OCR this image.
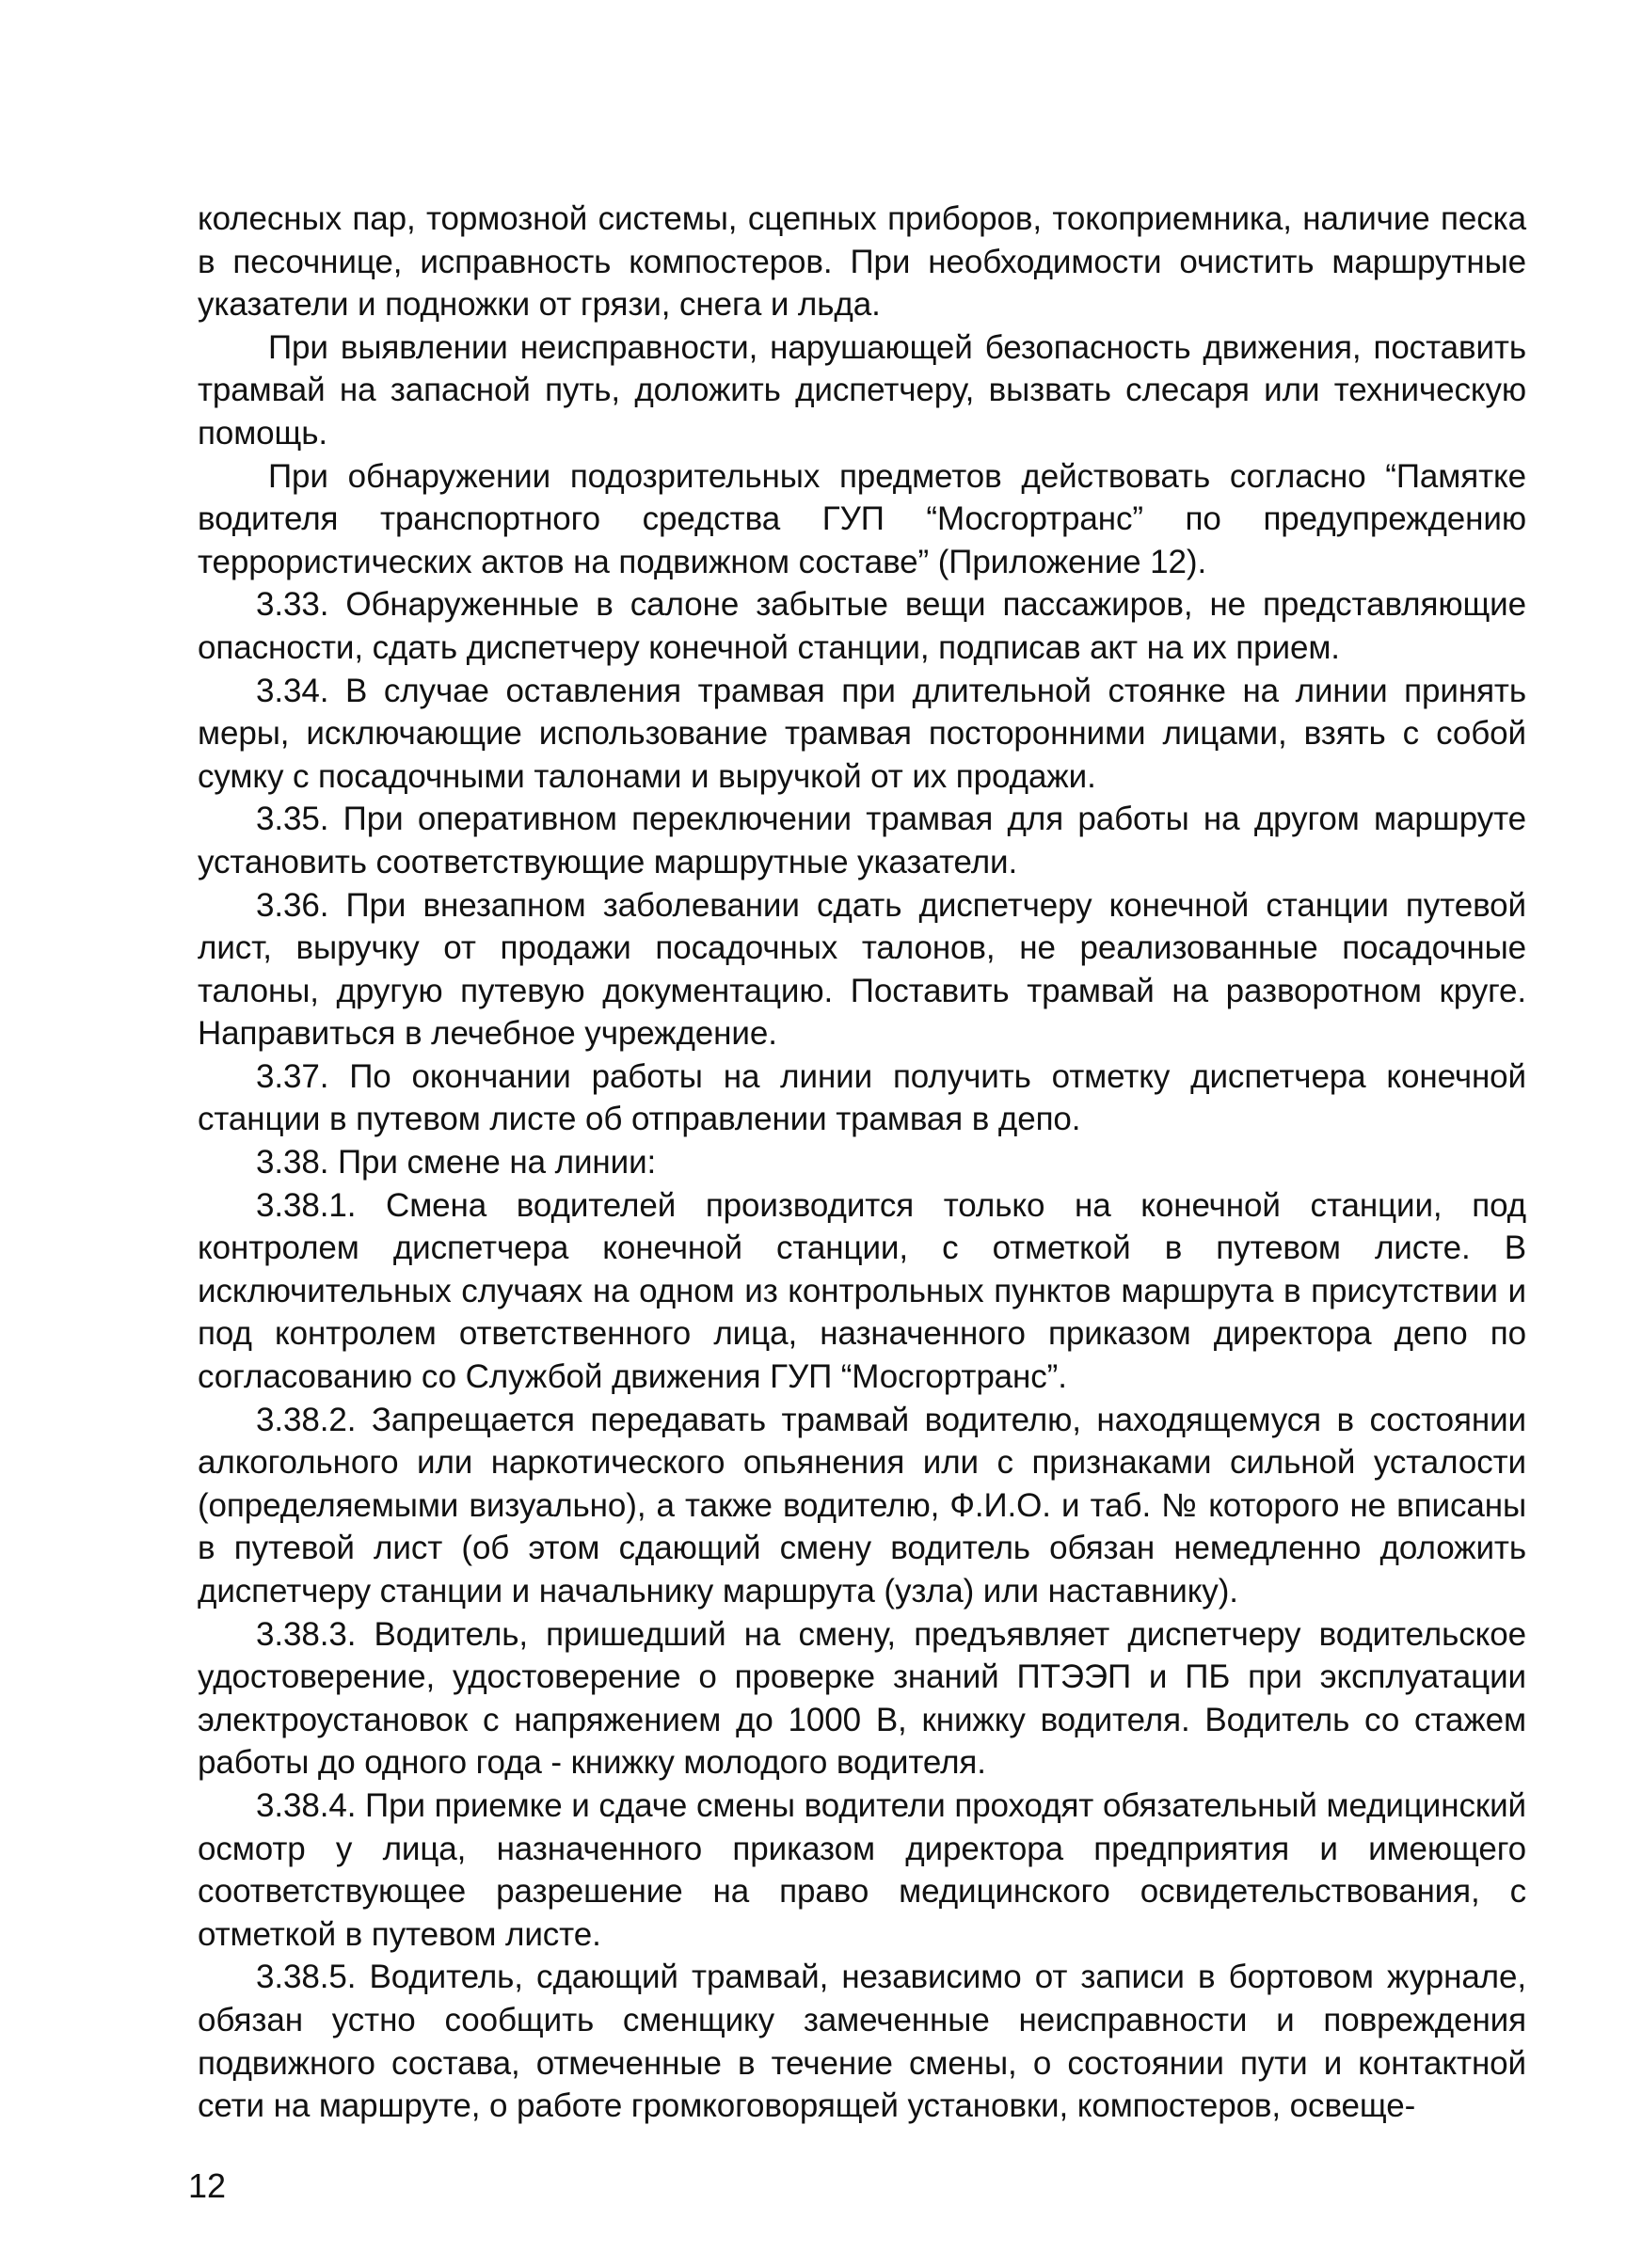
колесных пар, тормозной системы, сцепных приборов, токоприемника, наличие песка в песочнице, исправность компостеров. При необходимости очистить маршрутные указатели и подножки от грязи, снега и льда.

При выявлении неисправности, нарушающей безопасность движения, поставить трамвай на запасной путь, доложить диспетчеру, вызвать слесаря или техническую помощь.

При обнаружении подозрительных предметов действовать согласно “Памятке водителя транспортного средства ГУП “Мосгортранс” по предупреждению террористических актов на подвижном составе” (Приложение 12).

3.33. Обнаруженные в салоне забытые вещи пассажиров, не представляющие опасности, сдать диспетчеру конечной станции, подписав акт на их прием.

3.34. В случае оставления трамвая при длительной стоянке на линии принять меры, исключающие использование трамвая посторонними лицами, взять с собой сумку с посадочными талонами и выручкой от их продажи.

3.35. При оперативном переключении трамвая для работы на другом маршруте установить соответствующие маршрутные указатели.

3.36. При внезапном заболевании сдать диспетчеру конечной станции путевой лист, выручку от продажи посадочных талонов, не реализованные посадочные талоны, другую путевую документацию. Поставить трамвай на разворотном круге. Направиться в лечебное учреждение.

3.37. По окончании работы на линии получить отметку диспетчера конечной станции в путевом листе об отправлении трамвая в депо.

3.38. При смене на линии:

3.38.1. Смена водителей производится только на конечной станции, под контролем диспетчера конечной станции, с отметкой в путевом листе. В исключительных случаях на одном из контрольных пунктов маршрута в присутствии и под контролем ответственного лица, назначенного приказом директора депо по согласованию со Службой движения ГУП “Мосгортранс”.

3.38.2. Запрещается передавать трамвай водителю, находящемуся в состоянии алкогольного или наркотического опьянения или с признаками сильной усталости (определяемыми визуально), а также водителю, Ф.И.О. и таб. № которого не вписаны в путевой лист (об этом сдающий смену водитель обязан немедленно доложить диспетчеру станции и начальнику маршрута (узла) или наставнику).

3.38.3. Водитель, пришедший на смену, предъявляет диспетчеру водительское удостоверение, удостоверение о проверке знаний ПТЭЭП и ПБ при эксплуатации электроустановок с напряжением до 1000 В, книжку водителя. Водитель со стажем работы до одного года - книжку молодого водителя.

3.38.4. При приемке и сдаче смены водители проходят обязательный медицинский осмотр у лица, назначенного приказом директора предприятия и имеющего соответствующее разрешение на право медицинского освидетельствования, с отметкой в путевом листе.

3.38.5. Водитель, сдающий трамвай, независимо от записи в бортовом журнале, обязан устно сообщить сменщику замеченные неисправности и повреждения подвижного состава, отмеченные в течение смены, о состоянии пути и контактной сети на маршруте, о работе громкоговорящей установки, компостеров, освеще-

12
